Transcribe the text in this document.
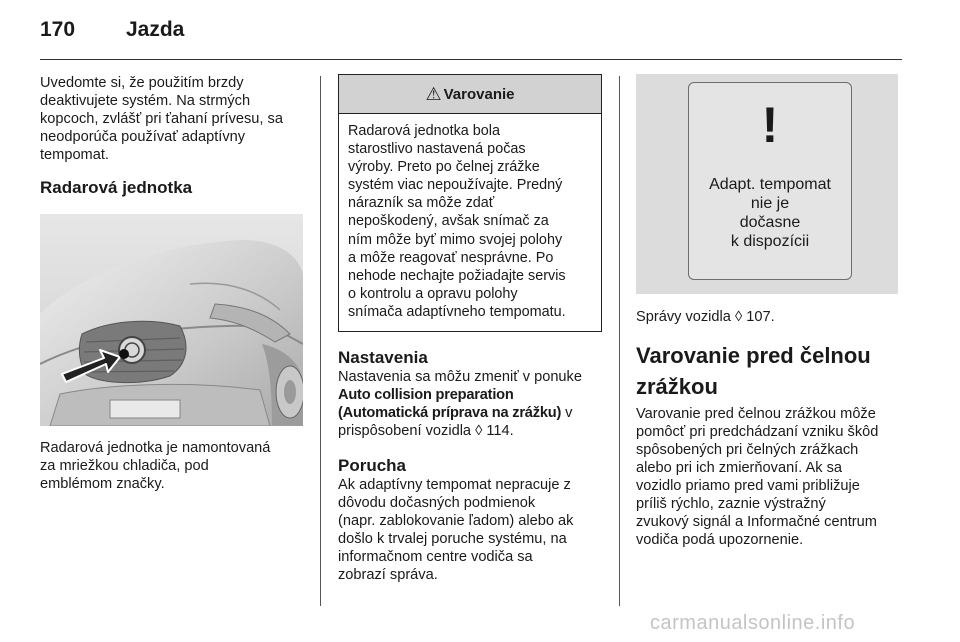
170 Jazda

Uvedomte si, že použitím brzdy
deaktivujete systém. Na strmých
kopcoch, zvlášť pri ťahaní prívesu, sa
neodporúča používať adaptívny
tempomat.

Radarová jednotka

Radarová jednotka je namontovaná
za mriežkou chladiča, pod
emblémom značky.

⚠ Varovanie

Radarová jednotka bola
starostlivo nastavená počas
výroby. Preto po čelnej zrážke
systém viac nepoužívajte. Predný
nárazník sa môže zdať
nepoškodený, avšak snímač za
ním môže byť mimo svojej polohy
a môže reagovať nesprávne. Po
nehode nechajte požiadajte servis
o kontrolu a opravu polohy
snímača adaptívneho tempomatu.

Nastavenia

Nastavenia sa môžu zmeniť v ponuke
Auto collision preparation
(Automatická príprava na zrážku) v
prispôsobení vozidla ◊ 114.

Porucha

Ak adaptívny tempomat nepracuje z
dôvodu dočasných podmienok
(napr. zablokovanie ľadom) alebo ak
došlo k trvalej poruche systému, na
informačnom centre vodiča sa
zobrazí správa.

!
Adapt. tempomat
nie je
dočasne
k dispozícii

Správy vozidla ◊ 107.

Varovanie pred čelnou
zrážkou

Varovanie pred čelnou zrážkou môže
pomôcť pri predchádzaní vzniku škôd
spôsobených pri čelných zrážkach
alebo pri ich zmierňovaní. Ak sa
vozidlo priamo pred vami približuje
príliš rýchlo, zaznie výstražný
zvukový signál a Informačné centrum
vodiča podá upozornenie.

carmanualsonline.info
